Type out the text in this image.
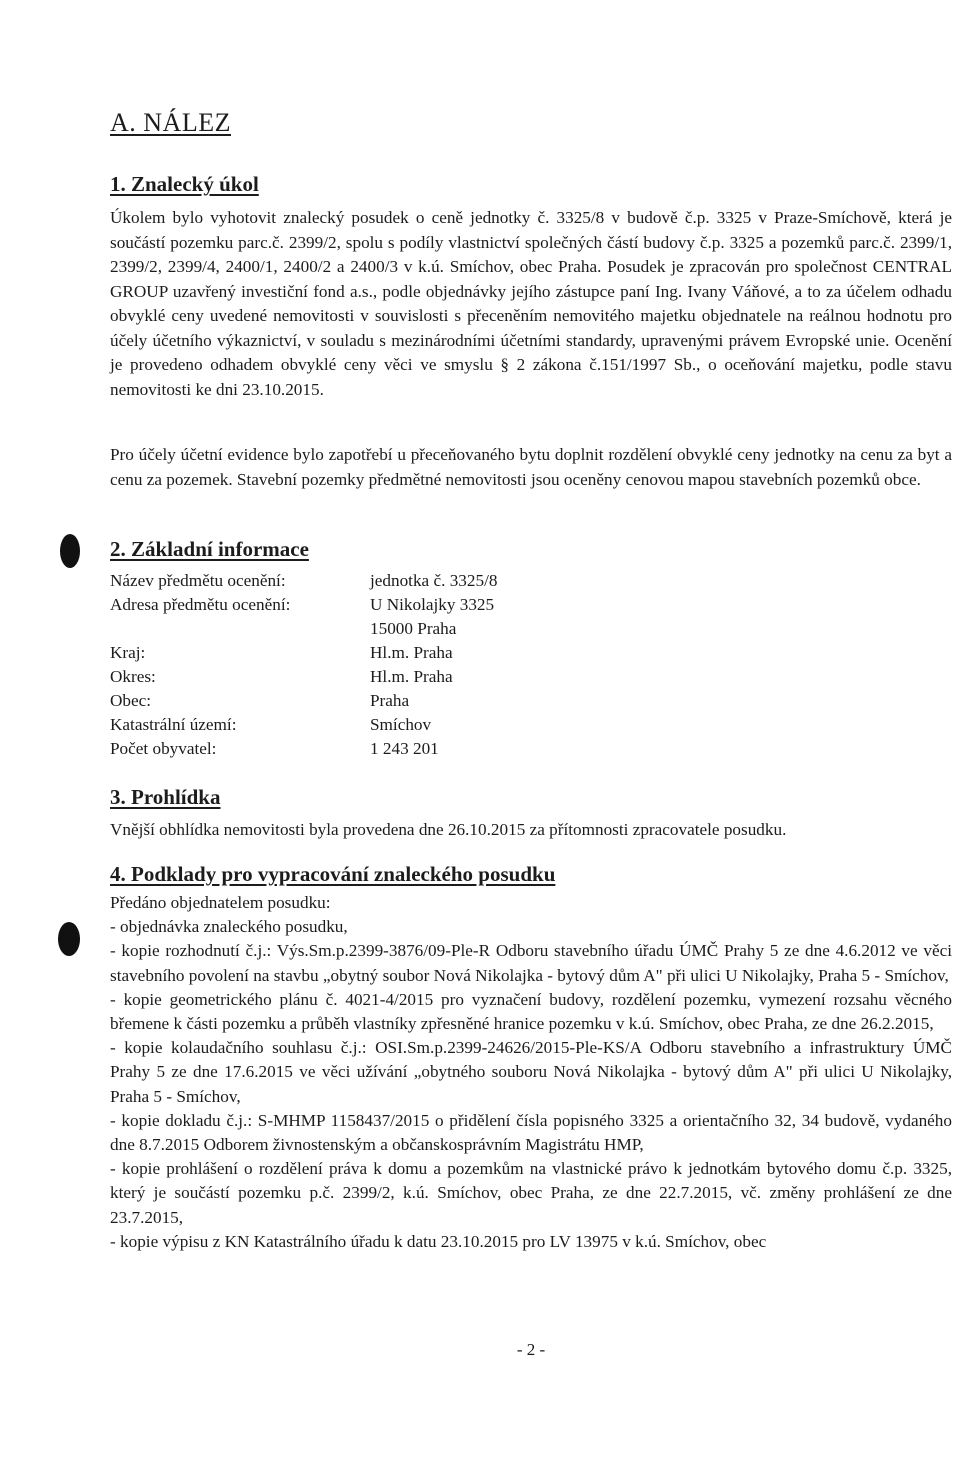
A. NÁLEZ
1. Znalecký úkol

Úkolem bylo vyhotovit znalecký posudek o ceně jednotky č. 3325/8 v budově č.p. 3325 v Praze-Smíchově, která je součástí pozemku parc.č. 2399/2, spolu s podíly vlastnictví společných částí budovy č.p. 3325 a pozemků parc.č. 2399/1, 2399/2, 2399/4, 2400/1, 2400/2 a 2400/3 v k.ú. Smíchov, obec Praha. Posudek je zpracován pro společnost CENTRAL GROUP uzavřený investiční fond a.s., podle objednávky jejího zástupce paní Ing. Ivany Váňové, a to za účelem odhadu obvyklé ceny uvedené nemovitosti v souvislosti s přeceněním nemovitého majetku objednatele na reálnou hodnotu pro účely účetního výkaznictví, v souladu s mezinárodními účetními standardy, upravenými právem Evropské unie. Ocenění je provedeno odhadem obvyklé ceny věci ve smyslu § 2 zákona č.151/1997 Sb., o oceňování majetku, podle stavu nemovitosti ke dni 23.10.2015.

Pro účely účetní evidence bylo zapotřebí u přeceňovaného bytu doplnit rozdělení obvyklé ceny jednotky na cenu za byt a cenu za pozemek. Stavební pozemky předmětné nemovitosti jsou oceněny cenovou mapou stavebních pozemků obce.

2. Základní informace
Název předmětu ocenění:	jednotka č. 3325/8
Adresa předmětu ocenění:	U Nikolajky 3325
15000 Praha
Kraj:	Hl.m. Praha
Okres:	Hl.m. Praha
Obec:	Praha
Katastrální území:	Smíchov
Počet obyvatel:	1 243 201
3. Prohlídka
Vnější obhlídka nemovitosti byla provedena dne 26.10.2015 za přítomnosti zpracovatele posudku.
4. Podklady pro vypracování znaleckého posudku

Předáno objednatelem posudku:

- objednávka znaleckého posudku,

- kopie rozhodnutí č.j.: Výs.Sm.p.2399-3876/09-Ple-R Odboru stavebního úřadu ÚMČ Prahy 5 ze dne 4.6.2012 ve věci stavebního povolení na stavbu „obytný soubor Nová Nikolajka - bytový dům A" při ulici U Nikolajky, Praha 5 - Smíchov,

- kopie geometrického plánu č. 4021-4/2015 pro vyznačení budovy, rozdělení pozemku, vymezení rozsahu věcného břemene k části pozemku a průběh vlastníky zpřesněné hranice pozemku v k.ú. Smíchov, obec Praha, ze dne 26.2.2015,

- kopie kolaudačního souhlasu č.j.: OSI.Sm.p.2399-24626/2015-Ple-KS/A Odboru stavebního a infrastruktury ÚMČ Prahy 5 ze dne 17.6.2015 ve věci užívání „obytného souboru Nová Nikolajka - bytový dům A" při ulici U Nikolajky, Praha 5 - Smíchov,

- kopie dokladu č.j.: S-MHMP 1158437/2015 o přidělení čísla popisného 3325 a orientačního 32, 34 budově, vydaného dne 8.7.2015 Odborem živnostenským a občanskosprávním Magistrátu HMP,

- kopie prohlášení o rozdělení práva k domu a pozemkům na vlastnické právo k jednotkám bytového domu č.p. 3325, který je součástí pozemku p.č. 2399/2, k.ú. Smíchov, obec Praha, ze dne 22.7.2015, vč. změny prohlášení ze dne 23.7.2015,

- kopie výpisu z KN Katastrálního úřadu k datu 23.10.2015 pro LV 13975 v k.ú. Smíchov, obec

- 2 -
